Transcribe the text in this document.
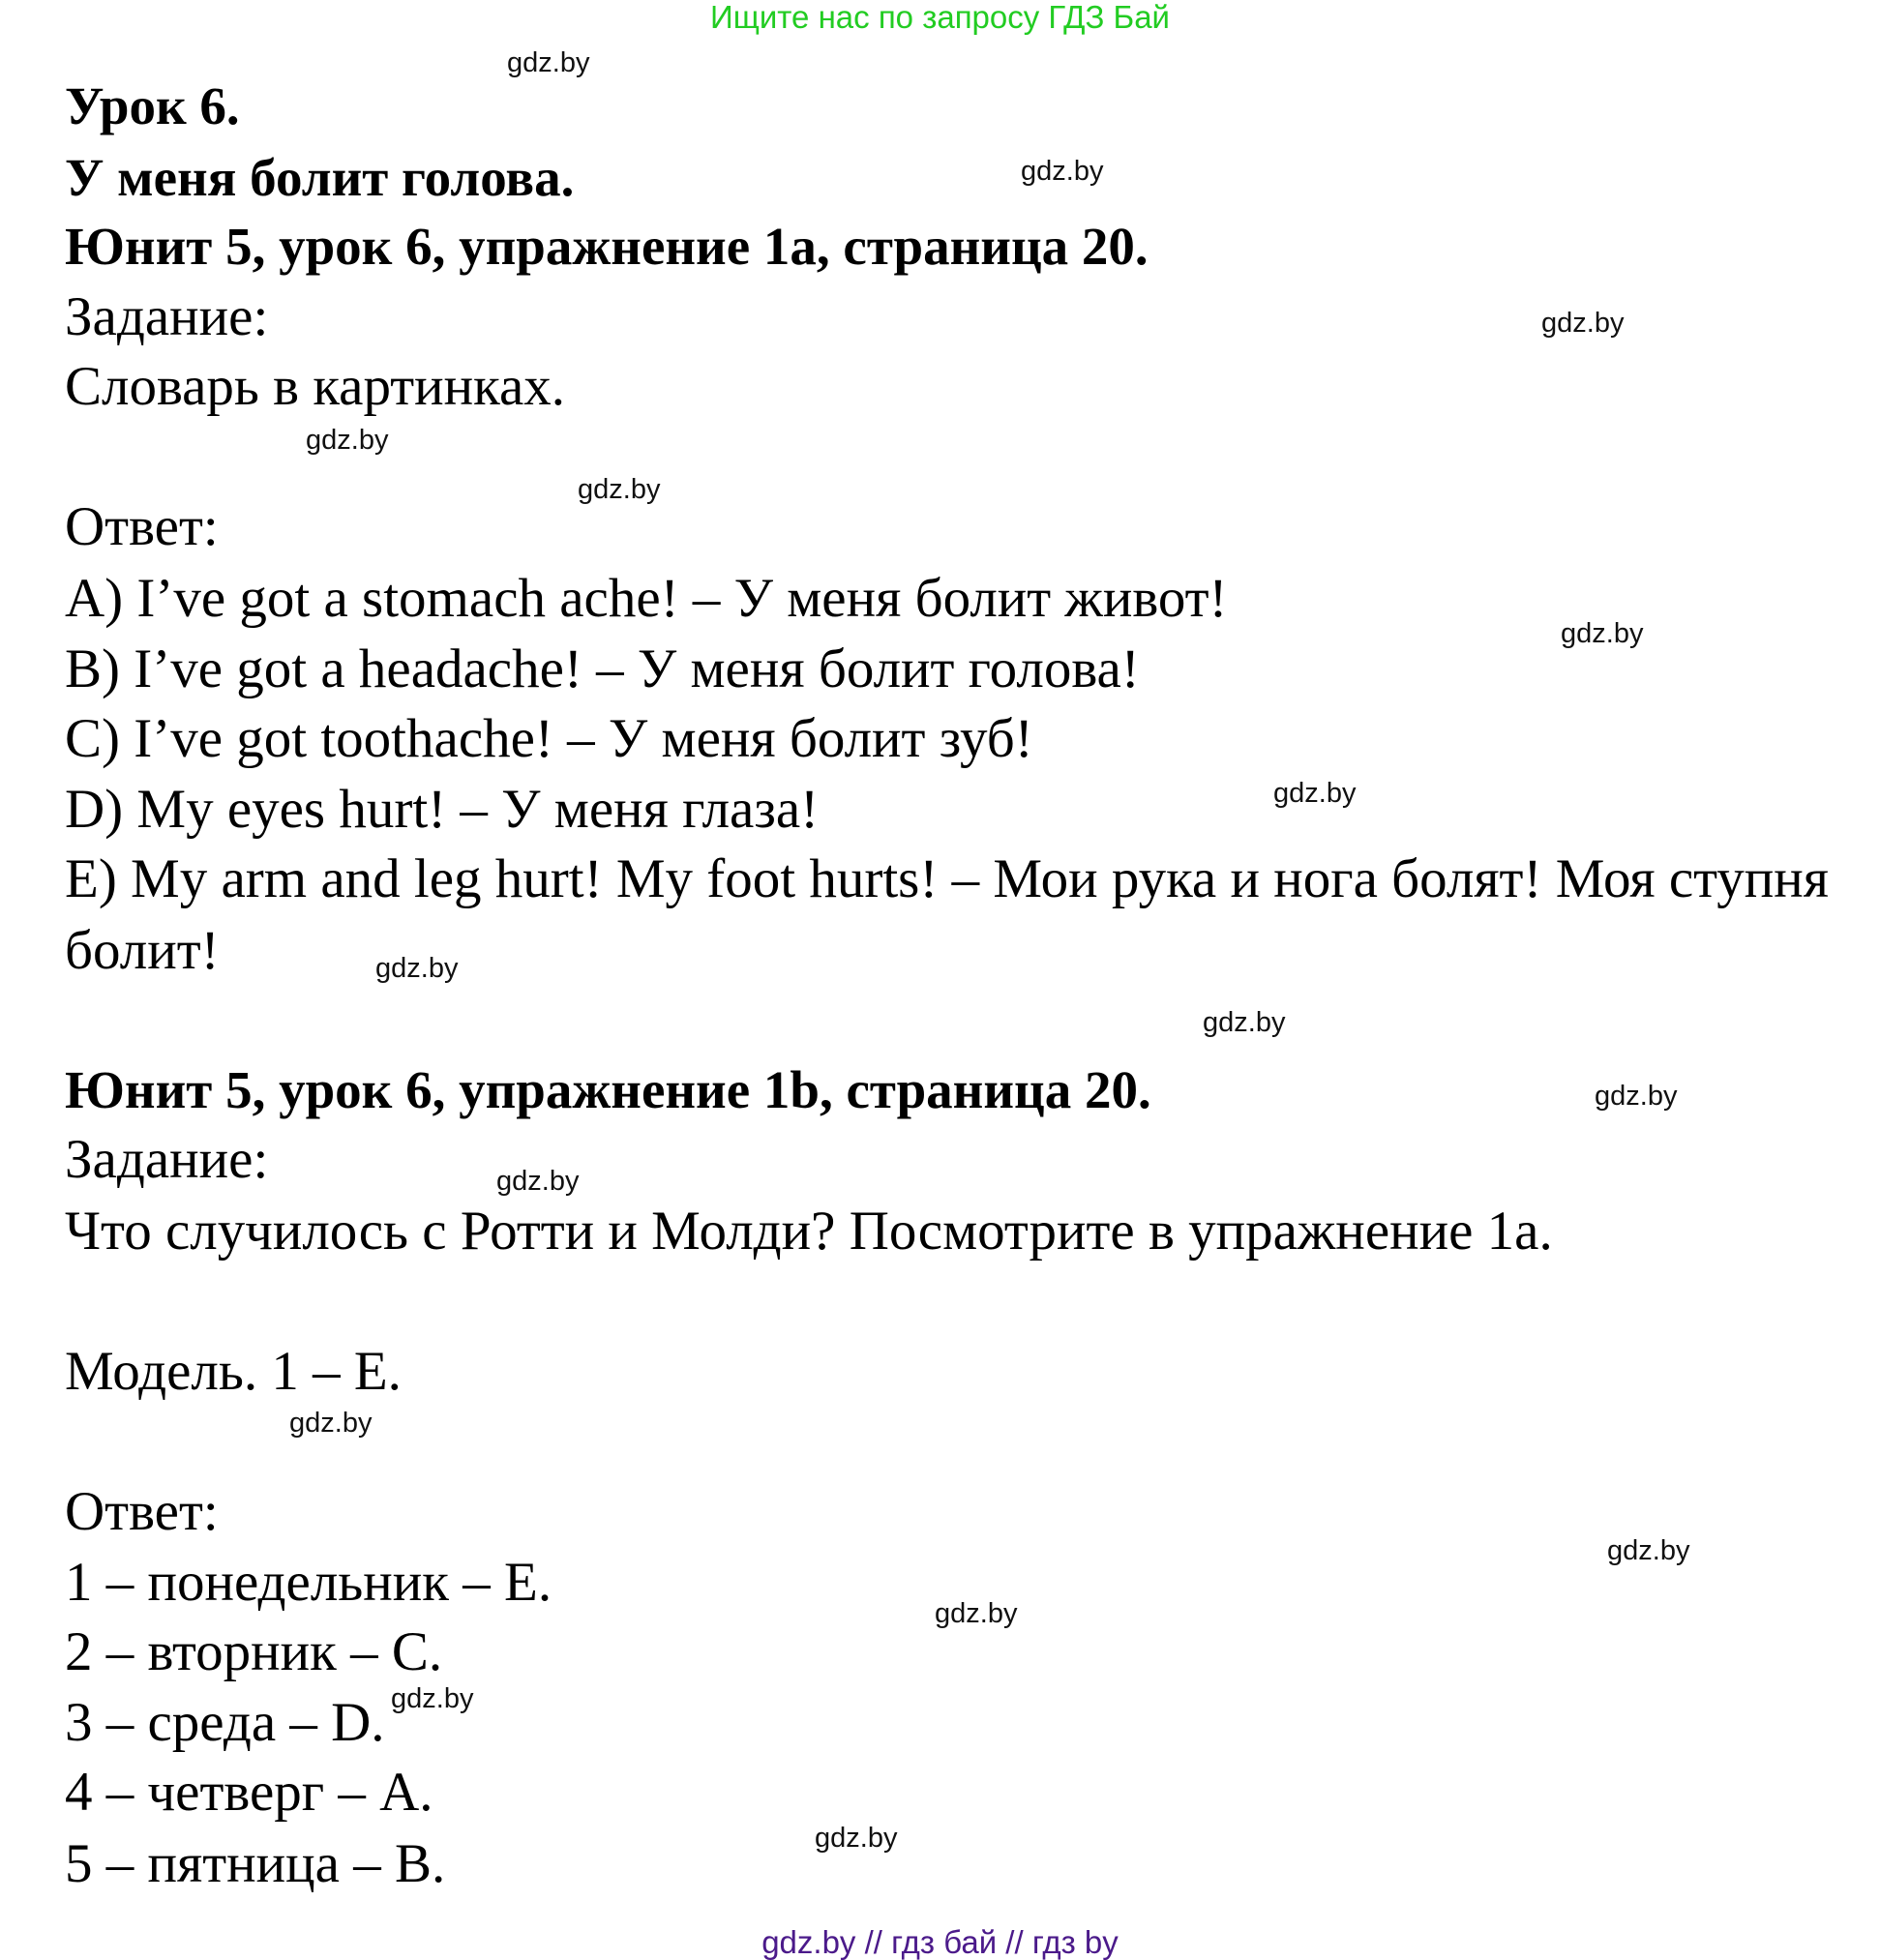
Ищите нас по запросу ГДЗ Бай
Урок 6.
У меня болит голова.
Юнит 5, урок 6, упражнение 1a, страница 20.
Задание:
Словарь в картинках.
Ответ:
A) I’ve got a stomach ache! – У меня болит живот!
B) I’ve got a headache! – У меня болит голова!
C) I’ve got toothache! – У меня болит зуб!
D) My eyes hurt! – У меня глаза!
E) My arm and leg hurt! My foot hurts! – Мои рука и нога болят! Моя ступня
болит!
Юнит 5, урок 6, упражнение 1b, страница 20.
Задание:
Что случилось с Ротти и Молди? Посмотрите в упражнение 1a.
Модель. 1 – E.
Ответ:
1 – понедельник – E.
2 – вторник – C.
3 – среда – D.
4 – четверг – A.
5 – пятница – B.
gdz.by
gdz.by
gdz.by
gdz.by
gdz.by
gdz.by
gdz.by
gdz.by
gdz.by
gdz.by
gdz.by
gdz.by
gdz.by
gdz.by
gdz.by
gdz.by
gdz.by // гдз бай // гдз by
